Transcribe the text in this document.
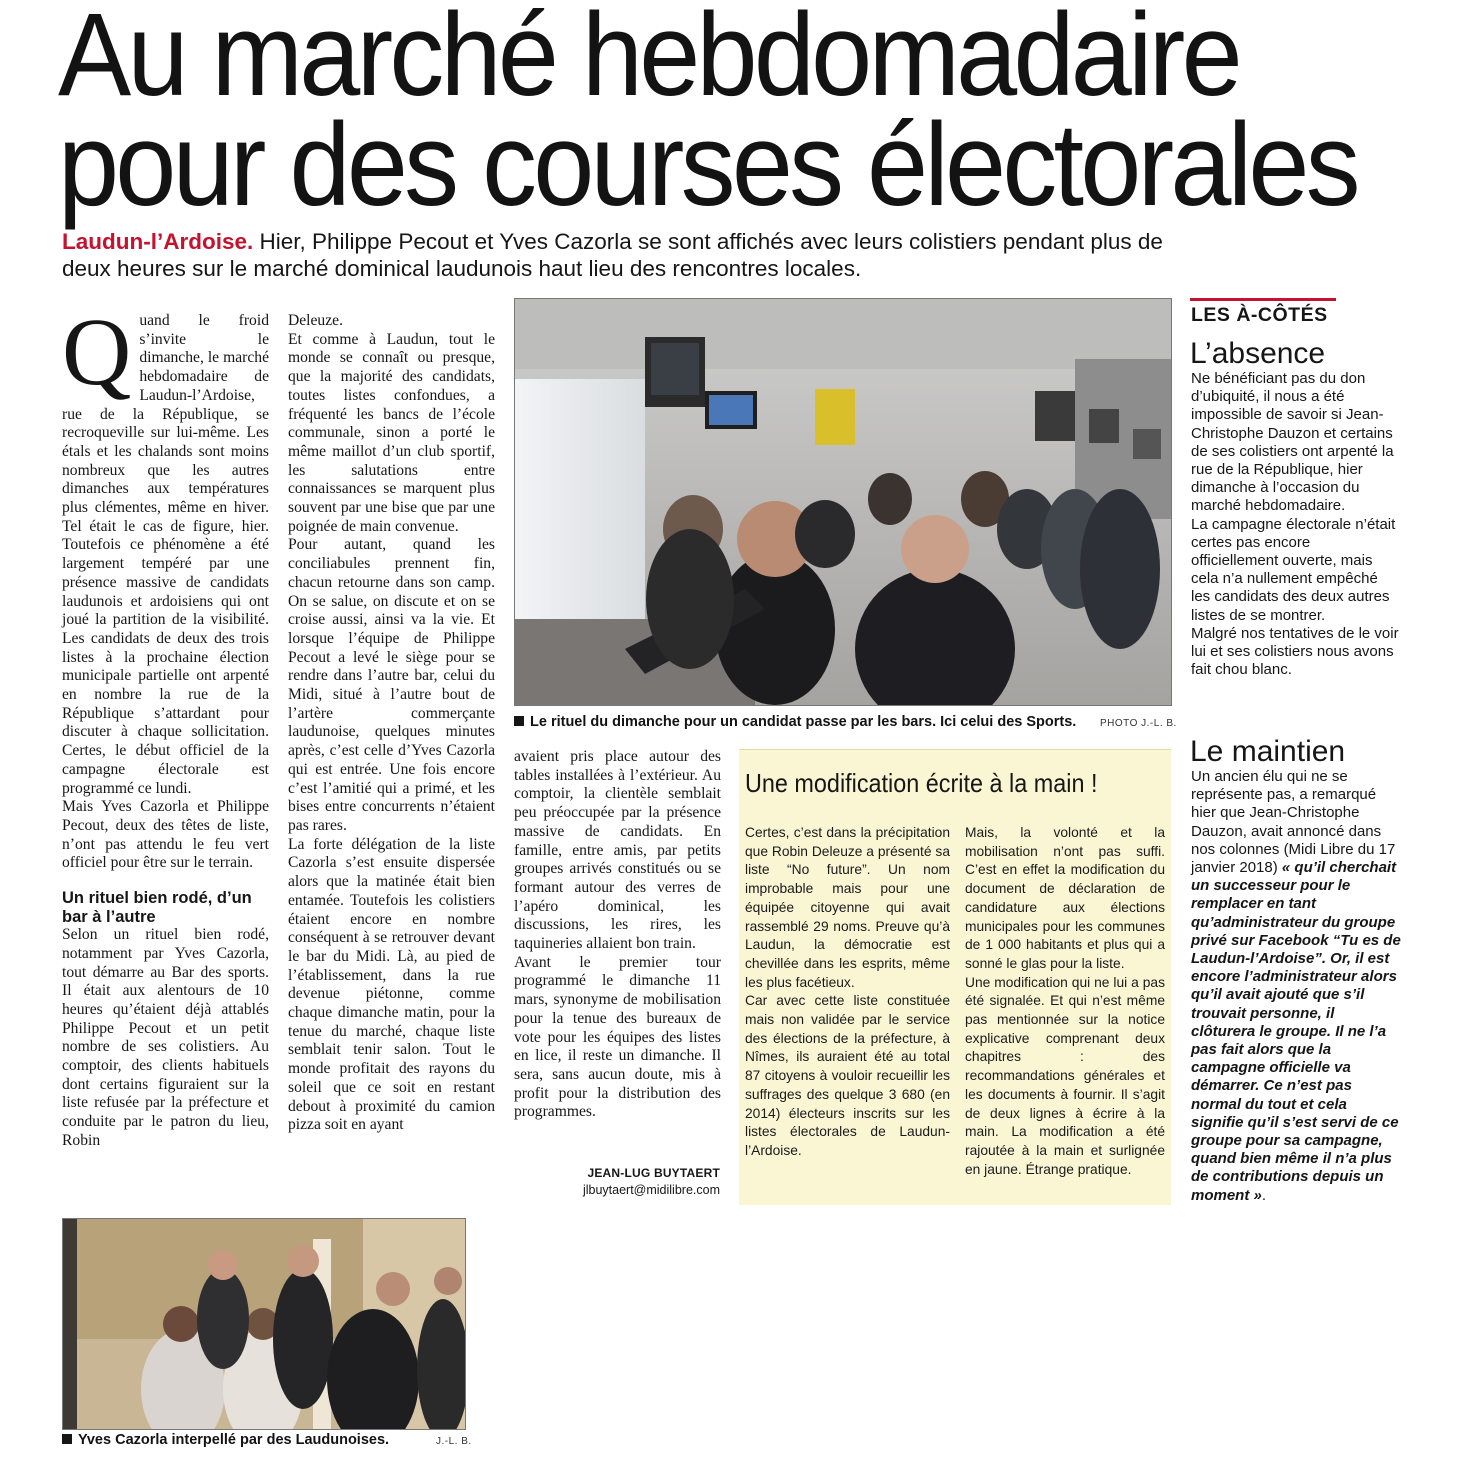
Au marché hebdomadaire
pour des courses électorales
Laudun-l’Ardoise. Hier, Philippe Pecout et Yves Cazorla se sont affichés avec leurs colistiers pendant plus de deux heures sur le marché dominical laudunois haut lieu des rencontres locales.

Quand le froid s’invite le dimanche, le marché hebdomadaire de Laudun-l’Ardoise, rue de la République, se recroqueville sur lui-même. Les étals et les chalands sont moins nombreux que les autres dimanches aux températures plus clémentes, même en hiver. Tel était le cas de figure, hier. Toutefois ce phénomène a été largement tempéré par une présence massive de candidats laudunois et ardoisiens qui ont joué la partition de la visibilité. Les candidats de deux des trois listes à la prochaine élection municipale partielle ont arpenté en nombre la rue de la République s’attardant pour discuter à chaque sollicitation. Certes, le début officiel de la campagne électorale est programmé ce lundi.

Mais Yves Cazorla et Philippe Pecout, deux des têtes de liste, n’ont pas attendu le feu vert officiel pour être sur le terrain.

Un rituel bien rodé, d’un bar à l’autre

Selon un rituel bien rodé, notamment par Yves Cazorla, tout démarre au Bar des sports. Il était aux alentours de 10 heures qu’étaient déjà attablés Philippe Pecout et un petit nombre de ses colistiers. Au comptoir, des clients habituels dont certains figuraient sur la liste refusée par la préfecture et conduite par le patron du lieu, Robin

Deleuze.

Et comme à Laudun, tout le monde se connaît ou presque, que la majorité des candidats, toutes listes confondues, a fréquenté les bancs de l’école communale, sinon a porté le même maillot d’un club sportif, les salutations entre connaissances se marquent plus souvent par une bise que par une poignée de main convenue.

Pour autant, quand les conciliabules prennent fin, chacun retourne dans son camp. On se salue, on discute et on se croise aussi, ainsi va la vie. Et lorsque l’équipe de Philippe Pecout a levé le siège pour se rendre dans l’autre bar, celui du Midi, situé à l’autre bout de l’artère commerçante laudunoise, quelques minutes après, c’est celle d’Yves Cazorla qui est entrée. Une fois encore c’est l’amitié qui a primé, et les bises entre concurrents n’étaient pas rares.

La forte délégation de la liste Cazorla s’est ensuite dispersée alors que la matinée était bien entamée. Toutefois les colistiers étaient encore en nombre conséquent à se retrouver devant le bar du Midi. Là, au pied de l’établissement, dans la rue devenue piétonne, comme chaque dimanche matin, pour la tenue du marché, chaque liste semblait tenir salon. Tout le monde profitait des rayons du soleil que ce soit en restant debout à proximité du camion pizza soit en ayant

avaient pris place autour des tables installées à l’extérieur. Au comptoir, la clientèle semblait peu préoccupée par la présence massive de candidats. En famille, entre amis, par petits groupes arrivés constitués ou se formant autour des verres de l’apéro dominical, les discussions, les rires, les taquineries allaient bon train.

Avant le premier tour programmé le dimanche 11 mars, synonyme de mobilisation pour la tenue des bureaux de vote pour les équipes des listes en lice, il reste un dimanche. Il sera, sans aucun doute, mis à profit pour la distribution des programmes.

JEAN-LUG BUYTAERT
jlbuytaert@midilibre.com
Le rituel du dimanche pour un candidat passe par les bars. Ici celui des Sports. PHOTO J.-L. B.
Yves Cazorla interpellé par des Laudunoises.	J.-L. B.
Une modification écrite à la main !

Certes, c’est dans la précipitation que Robin Deleuze a présenté sa liste “No future”. Un nom improbable mais pour une équipée citoyenne qui avait rassemblé 29 noms. Preuve qu’à Laudun, la démocratie est chevillée dans les esprits, même les plus facétieux.

Car avec cette liste constituée mais non validée par le service des élections de la préfecture, à Nîmes, ils auraient été au total 87 citoyens à vouloir recueillir les suffrages des quelque 3 680 (en 2014) électeurs inscrits sur les listes électorales de Laudun-l’Ardoise.

Mais, la volonté et la mobilisation n’ont pas suffi. C’est en effet la modification du document de déclaration de candidature aux élections municipales pour les communes de 1 000 habitants et plus qui a sonné le glas pour la liste.

Une modification qui ne lui a pas été signalée. Et qui n’est même pas mentionnée sur la notice explicative comprenant deux chapitres : des recommandations générales et les documents à fournir. Il s’agit de deux lignes à écrire à la main. La modification a été rajoutée à la main et surlignée en jaune. Étrange pratique.

LES À-CÔTÉS
L’absence

Ne bénéficiant pas du don d’ubiquité, il nous a été impossible de savoir si Jean-Christophe Dauzon et certains de ses colistiers ont arpenté la rue de la République, hier dimanche à l’occasion du marché hebdomadaire.

La campagne électorale n’était certes pas encore officiellement ouverte, mais cela n’a nullement empêché les candidats des deux autres listes de se montrer.

Malgré nos tentatives de le voir lui et ses colistiers nous avons fait chou blanc.

Le maintien

Un ancien élu qui ne se représente pas, a remarqué hier que Jean-Christophe Dauzon, avait annoncé dans nos colonnes (Midi Libre du 17 janvier 2018) « qu’il cherchait un successeur pour le remplacer en tant qu’administrateur du groupe privé sur Facebook “Tu es de Laudun-l’Ardoise”. Or, il est encore l’administrateur alors qu’il avait ajouté que s’il trouvait personne, il clôturera le groupe. Il ne l’a pas fait alors que la campagne officielle va démarrer. Ce n’est pas normal du tout et cela signifie qu’il s’est servi de ce groupe pour sa campagne, quand bien même il n’a plus de contributions depuis un moment ».
